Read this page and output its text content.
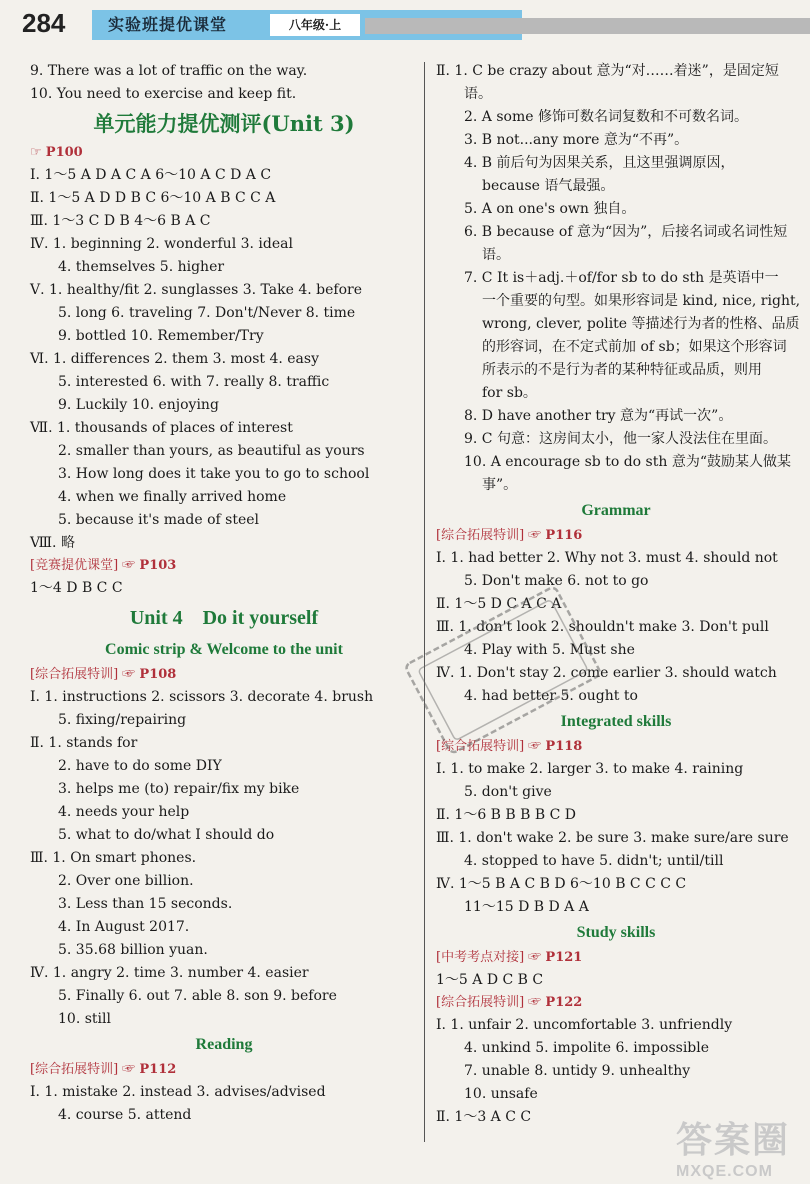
284	实验班提优课堂	八年级·上
9. There was a lot of traffic on the way.
10. You need to exercise and keep fit.
单元能力提优测评(Unit 3)
☞ P100
Ⅰ. 1～5 A D A C A 6～10 A C D A C
Ⅱ. 1～5 A D D B C 6～10 A B C C A
Ⅲ. 1～3 C D B 4～6 B A C
Ⅳ. 1. beginning 2. wonderful 3. ideal
4. themselves 5. higher
Ⅴ. 1. healthy/fit 2. sunglasses 3. Take 4. before
5. long 6. traveling 7. Don't/Never 8. time
9. bottled 10. Remember/Try
Ⅵ. 1. differences 2. them 3. most 4. easy
5. interested 6. with 7. really 8. traffic
9. Luckily 10. enjoying
Ⅶ. 1. thousands of places of interest
2. smaller than yours, as beautiful as yours
3. How long does it take you to go to school
4. when we finally arrived home
5. because it's made of steel
Ⅷ. 略
[竞赛提优课堂] ☞ P103
1～4 D B C C
Unit 4    Do it yourself
Comic strip & Welcome to the unit
[综合拓展特训] ☞ P108
Ⅰ. 1. instructions 2. scissors 3. decorate 4. brush
5. fixing/repairing
Ⅱ. 1. stands for
2. have to do some DIY
3. helps me (to) repair/fix my bike
4. needs your help
5. what to do/what I should do
Ⅲ. 1. On smart phones.
2. Over one billion.
3. Less than 15 seconds.
4. In August 2017.
5. 35.68 billion yuan.
Ⅳ. 1. angry 2. time 3. number 4. easier
5. Finally 6. out 7. able 8. son 9. before
10. still
Reading
[综合拓展特训] ☞ P112
Ⅰ. 1. mistake 2. instead 3. advises/advised
4. course 5. attend
Ⅱ. 1. C be crazy about 意为“对……着迷”，是固定短
语。
2. A some 修饰可数名词复数和不可数名词。
3. B not...any more 意为“不再”。
4. B 前后句为因果关系，且这里强调原因，
because 语气最强。
5. A on one's own 独自。
6. B because of 意为“因为”，后接名词或名词性短
语。
7. C It is＋adj.＋of/for sb to do sth 是英语中一
一个重要的句型。如果形容词是 kind, nice, right,
wrong, clever, polite 等描述行为者的性格、品质
的形容词，在不定式前加 of sb；如果这个形容词
所表示的不是行为者的某种特征或品质，则用
for sb。
8. D have another try 意为“再试一次”。
9. C 句意：这房间太小，他一家人没法住在里面。
10. A encourage sb to do sth 意为“鼓励某人做某
事”。
Grammar
[综合拓展特训] ☞ P116
Ⅰ. 1. had better 2. Why not 3. must 4. should not
5. Don't make 6. not to go
Ⅱ. 1～5 D C A C A
Ⅲ. 1. don't look 2. shouldn't make 3. Don't pull
4. Play with 5. Must she
Ⅳ. 1. Don't stay 2. come earlier 3. should watch
4. had better 5. ought to
Integrated skills
[综合拓展特训] ☞ P118
Ⅰ. 1. to make 2. larger 3. to make 4. raining
5. don't give
Ⅱ. 1～6 B B B B C D
Ⅲ. 1. don't wake 2. be sure 3. make sure/are sure
4. stopped to have 5. didn't; until/till
Ⅳ. 1～5 B A C B D 6～10 B C C C C
11～15 D B D A A
Study skills
[中考考点对接] ☞ P121
1～5 A D C B C
[综合拓展特训] ☞ P122
Ⅰ. 1. unfair 2. uncomfortable 3. unfriendly
4. unkind 5. impolite 6. impossible
7. unable 8. untidy 9. unhealthy
10. unsafe
Ⅱ. 1～3 A C C
答案圈
MXQE.COM
